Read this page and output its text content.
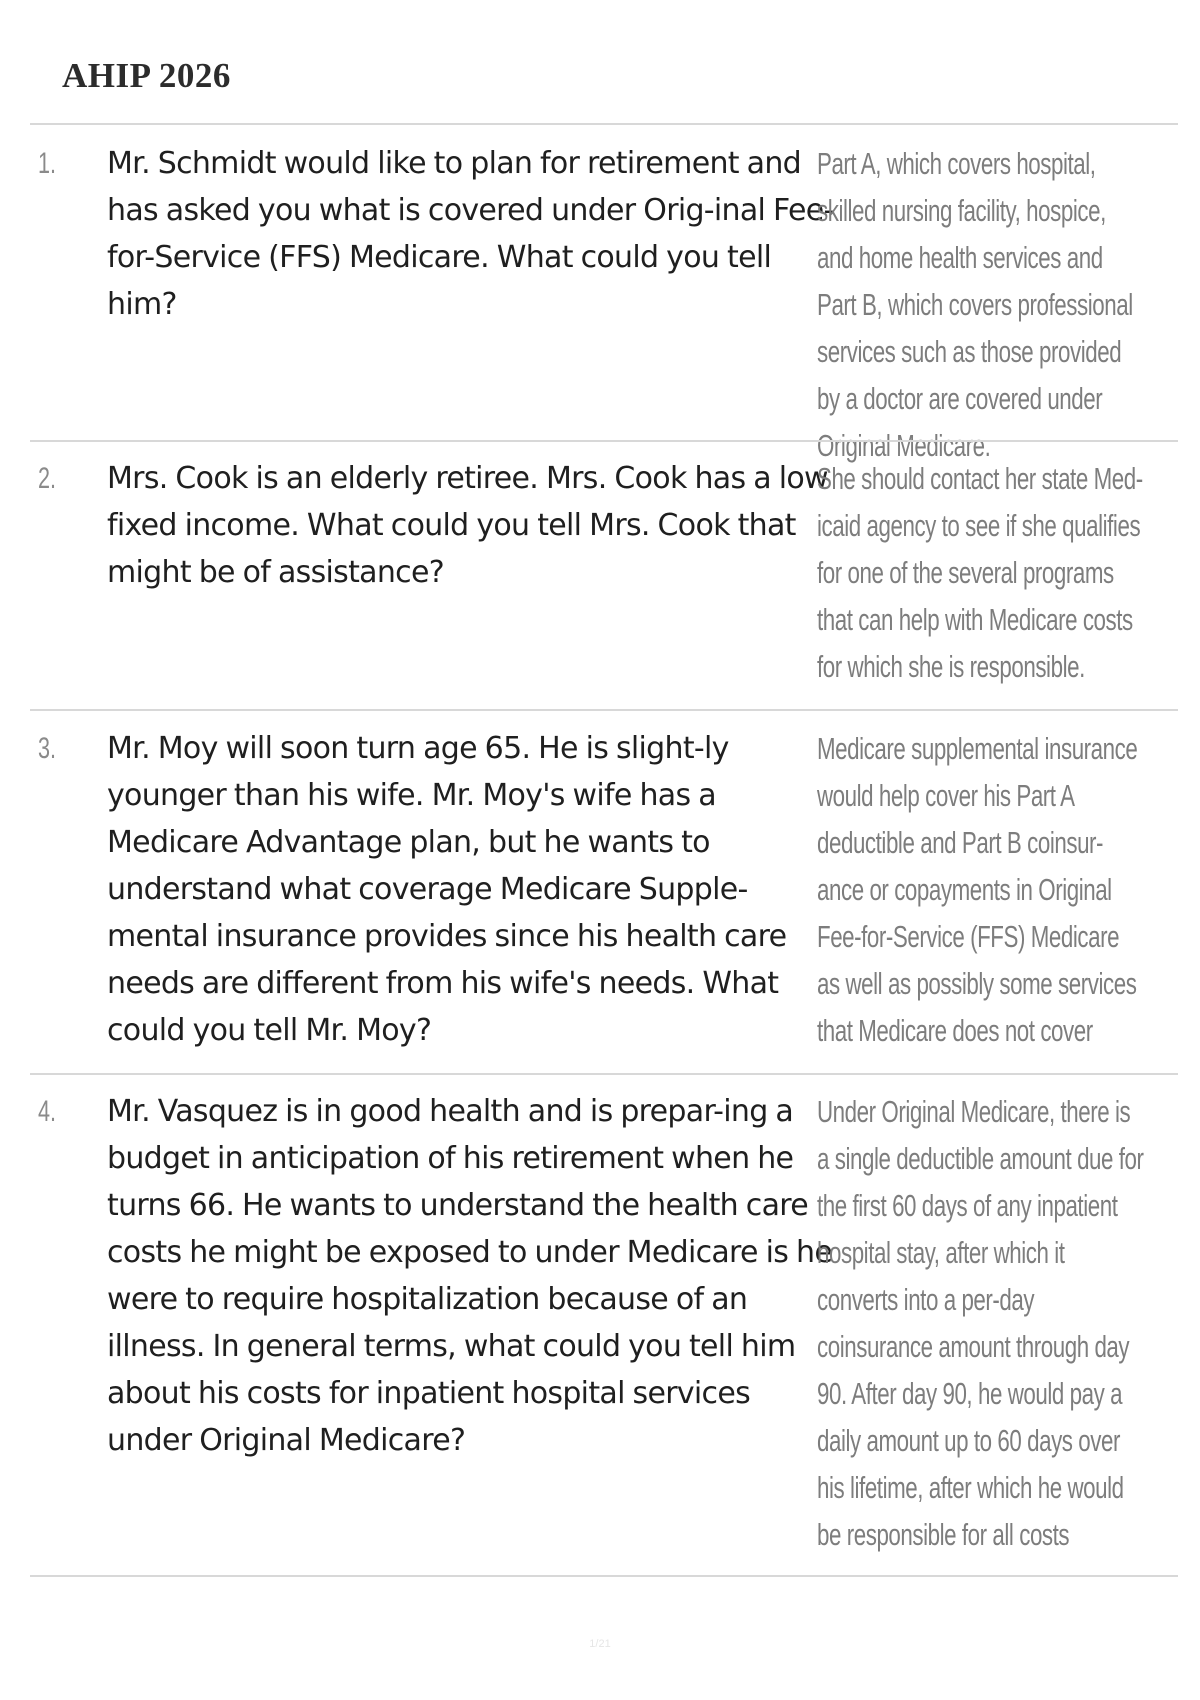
AHIP 2026
1. Mr. Schmidt would like to plan for retirement and has asked you what is covered under Orig-inal Fee-for-Service (FFS) Medicare. What could you tell him?
Part A, which covers hospital, skilled nursing facility, hospice, and home health services and Part B, which covers professional services such as those provided by a doctor are covered under Original Medicare.
2. Mrs. Cook is an elderly retiree. Mrs. Cook has a low fixed income. What could you tell Mrs. Cook that might be of assistance?
She should contact her state Med-icaid agency to see if she qualifies for one of the several programs that can help with Medicare costs for which she is responsible.
3. Mr. Moy will soon turn age 65. He is slight-ly younger than his wife. Mr. Moy's wife has a Medicare Advantage plan, but he wants to understand what coverage Medicare Supple-mental insurance provides since his health care needs are different from his wife's needs. What could you tell Mr. Moy?
Medicare supplemental insurance would help cover his Part A deductible and Part B coinsur-ance or copayments in Original Fee-for-Service (FFS) Medicare as well as possibly some services that Medicare does not cover
4. Mr. Vasquez is in good health and is prepar-ing a budget in anticipation of his retirement when he turns 66. He wants to understand the health care costs he might be exposed to under Medicare is he were to require hospitalization because of an illness. In general terms, what could you tell him about his costs for inpatient hospital services under Original Medicare?
Under Original Medicare, there is a single deductible amount due for the first 60 days of any inpatient hospital stay, after which it converts into a per-day coinsurance amount through day 90. After day 90, he would pay a daily amount up to 60 days over his lifetime, after which he would be responsible for all costs
1/21
